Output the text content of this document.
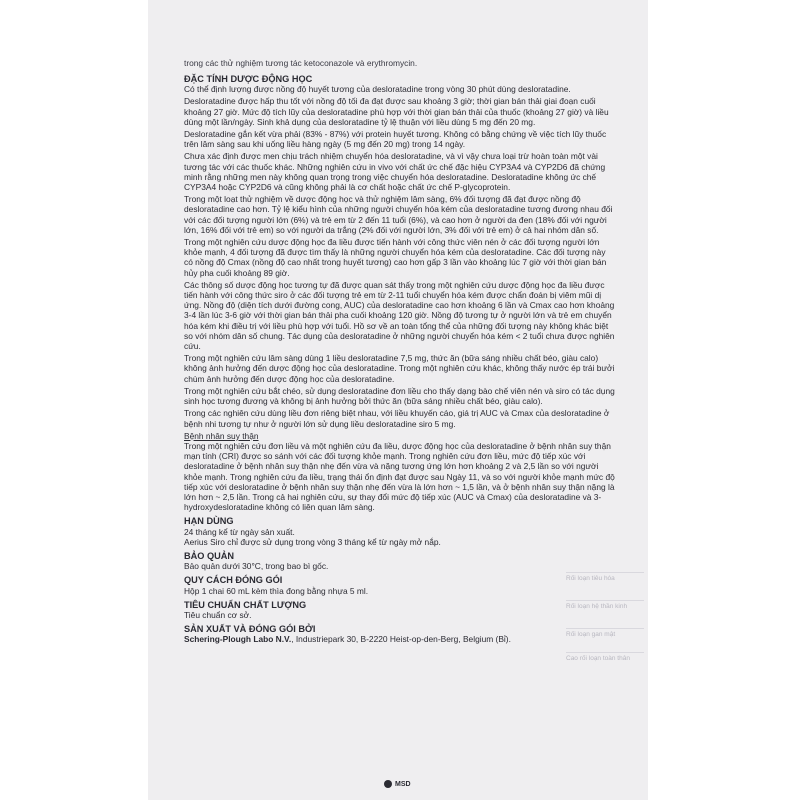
trong các thử nghiệm tương tác ketoconazole và erythromycin.
ĐẶC TÍNH DƯỢC ĐỘNG HỌC

Có thể định lượng được nồng độ huyết tương của desloratadine trong vòng 30 phút dùng desloratadine.

Desloratadine được hấp thu tốt với nồng độ tối đa đạt được sau khoảng 3 giờ; thời gian bán thải giai đoạn cuối khoảng 27 giờ. Mức độ tích lũy của desloratadine phù hợp với thời gian bán thải của thuốc (khoảng 27 giờ) và liều dùng một lần/ngày. Sinh khả dụng của desloratadine tỷ lệ thuận với liều dùng 5 mg đến 20 mg.

Desloratadine gắn kết vừa phải (83% - 87%) với protein huyết tương. Không có bằng chứng về việc tích lũy thuốc trên lâm sàng sau khi uống liều hàng ngày (5 mg đến 20 mg) trong 14 ngày.

Chưa xác định được men chịu trách nhiệm chuyển hóa desloratadine, và vì vậy chưa loại trừ hoàn toàn một vài tương tác với các thuốc khác. Những nghiên cứu in vivo với chất ức chế đặc hiệu CYP3A4 và CYP2D6 đã chứng minh rằng những men này không quan trọng trong việc chuyển hóa desloratadine. Desloratadine không ức chế CYP3A4 hoặc CYP2D6 và cũng không phải là cơ chất hoặc chất ức chế P-glycoprotein.

Trong một loạt thử nghiệm về dược động học và thử nghiệm lâm sàng, 6% đối tượng đã đạt được nồng độ desloratadine cao hơn. Tỷ lệ kiểu hình của những người chuyển hóa kém của desloratadine tương đương nhau đối với các đối tượng người lớn (6%) và trẻ em từ 2 đến 11 tuổi (6%), và cao hơn ở người da đen (18% đối với người lớn, 16% đối với trẻ em) so với người da trắng (2% đối với người lớn, 3% đối với trẻ em) ở cả hai nhóm dân số.

Trong một nghiên cứu dược động học đa liều được tiến hành với công thức viên nén ở các đối tượng người lớn khỏe mạnh, 4 đối tượng đã được tìm thấy là những người chuyển hóa kém của desloratadine. Các đối tượng này có nồng độ Cmax (nồng độ cao nhất trong huyết tương) cao hơn gấp 3 lần vào khoảng lúc 7 giờ với thời gian bán hủy pha cuối khoảng 89 giờ.

Các thông số dược động học tương tự đã được quan sát thấy trong một nghiên cứu dược động học đa liều được tiến hành với công thức siro ở các đối tượng trẻ em từ 2-11 tuổi chuyển hóa kém được chẩn đoán bị viêm mũi dị ứng. Nồng độ (diện tích dưới đường cong, AUC) của desloratadine cao hơn khoảng 6 lần và Cmax cao hơn khoảng 3-4 lần lúc 3-6 giờ với thời gian bán thải pha cuối khoảng 120 giờ. Nồng độ tương tự ở người lớn và trẻ em chuyển hóa kém khi điều trị với liều phù hợp với tuổi. Hồ sơ về an toàn tổng thể của những đối tượng này không khác biệt so với nhóm dân số chung. Tác dụng của desloratadine ở những người chuyển hóa kém < 2 tuổi chưa được nghiên cứu.

Trong một nghiên cứu lâm sàng dùng 1 liều desloratadine 7,5 mg, thức ăn (bữa sáng nhiều chất béo, giàu calo) không ảnh hưởng đến dược động học của desloratadine. Trong một nghiên cứu khác, không thấy nước ép trái bưởi chùm ảnh hưởng đến dược động học của desloratadine.

Trong một nghiên cứu bắt chéo, sử dụng desloratadine đơn liều cho thấy dạng bào chế viên nén và siro có tác dụng sinh học tương đương và không bị ảnh hưởng bởi thức ăn (bữa sáng nhiều chất béo, giàu calo).

Trong các nghiên cứu dùng liều đơn riêng biệt nhau, với liều khuyến cáo, giá trị AUC và Cmax của desloratadine ở bệnh nhi tương tự như ở người lớn sử dụng liều desloratadine siro 5 mg.

Bệnh nhân suy thận

Trong một nghiên cứu đơn liều và một nghiên cứu đa liều, dược động học của desloratadine ở bệnh nhân suy thận mạn tính (CRI) được so sánh với các đối tượng khỏe mạnh. Trong nghiên cứu đơn liều, mức độ tiếp xúc với desloratadine ở bệnh nhân suy thận nhẹ đến vừa và nặng tương ứng lớn hơn khoảng 2 và 2,5 lần so với người khỏe mạnh. Trong nghiên cứu đa liều, trạng thái ổn định đạt được sau Ngày 11, và so với người khỏe mạnh mức độ tiếp xúc với desloratadine ở bệnh nhân suy thận nhẹ đến vừa là lớn hơn ~ 1,5 lần, và ở bệnh nhân suy thận nặng là lớn hơn ~ 2,5 lần. Trong cả hai nghiên cứu, sự thay đổi mức độ tiếp xúc (AUC và Cmax) của desloratadine và 3-hydroxydesloratadine không có liên quan lâm sàng.

HẠN DÙNG
24 tháng kể từ ngày sản xuất.
Aerius Siro chỉ được sử dụng trong vòng 3 tháng kể từ ngày mở nắp.
BẢO QUẢN
Bảo quản dưới 30°C, trong bao bì gốc.
QUY CÁCH ĐÓNG GÓI
Hộp 1 chai 60 mL kèm thìa đong bằng nhựa 5 ml.
TIÊU CHUẨN CHẤT LƯỢNG
Tiêu chuẩn cơ sở.
SẢN XUẤT VÀ ĐÓNG GÓI BỞI
Schering-Plough Labo N.V., Industriepark 30, B-2220 Heist-op-den-Berg, Belgium (Bỉ).
Rối loạn tiêu hóa
Rối loạn hệ thần kinh
Rối loạn gan mật
Cao rối loạn toàn thân
MSD
